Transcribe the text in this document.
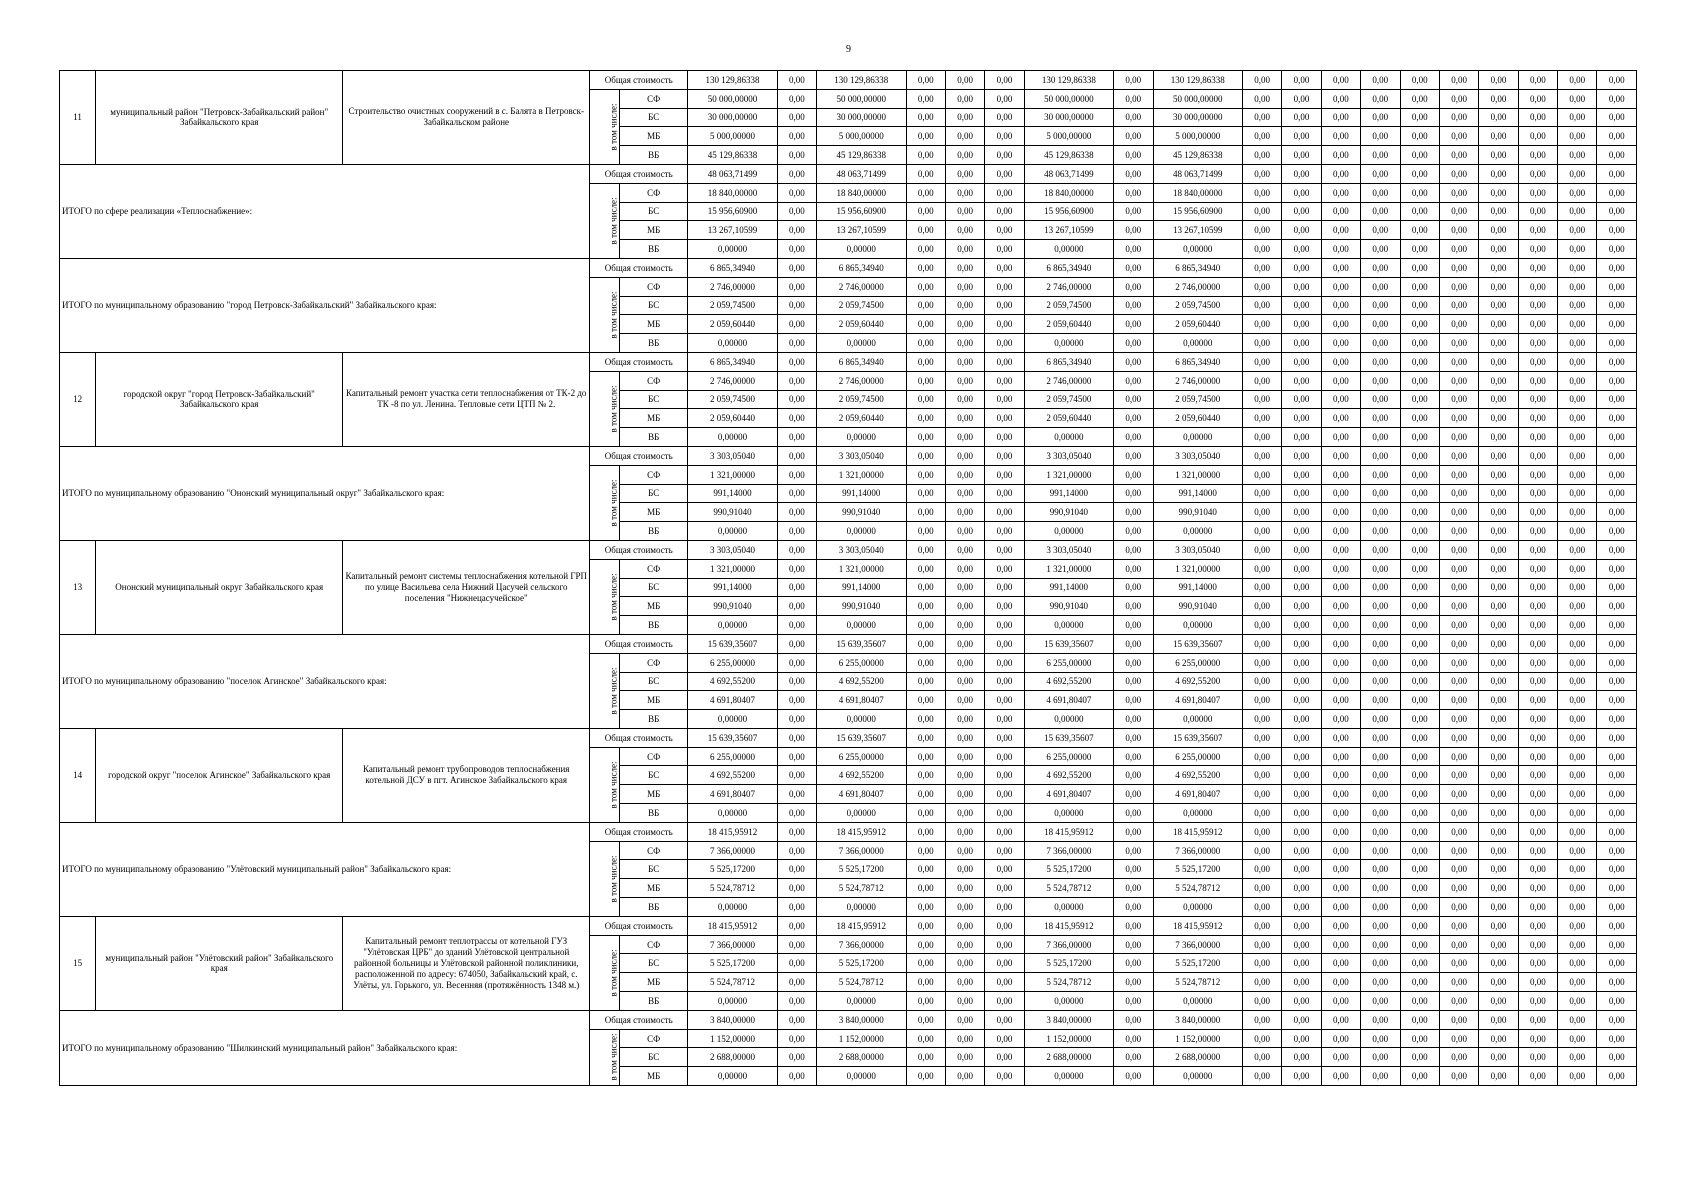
9
11	муниципальный район "Петровск-Забайкальский район" Забайкальского края	Строительство очистных сооружений в с. Балята в Петровск-Забайкальском районе	Общая стоимость		130 129,86338	0,00	130 129,86338	0,00	0,00	0,00	130 129,86338	0,00	130 129,86338	0,00	0,00	0,00	0,00	0,00	0,00	0,00	0,00	0,00	0,00
			в том числе:	СФ	50 000,00000	0,00	50 000,00000	0,00	0,00	0,00	50 000,00000	0,00	50 000,00000	0,00	0,00	0,00	0,00	0,00	0,00	0,00	0,00	0,00	0,00
				БС	30 000,00000	0,00	30 000,00000	0,00	0,00	0,00	30 000,00000	0,00	30 000,00000	0,00	0,00	0,00	0,00	0,00	0,00	0,00	0,00	0,00	0,00
				МБ	5 000,00000	0,00	5 000,00000	0,00	0,00	0,00	5 000,00000	0,00	5 000,00000	0,00	0,00	0,00	0,00	0,00	0,00	0,00	0,00	0,00	0,00
				ВБ	45 129,86338	0,00	45 129,86338	0,00	0,00	0,00	45 129,86338	0,00	45 129,86338	0,00	0,00	0,00	0,00	0,00	0,00	0,00	0,00	0,00	0,00
ИТОГО по сфере реализации «Теплоснабжение»:			Общая стоимость		48 063,71499	0,00	48 063,71499	0,00	0,00	0,00	48 063,71499	0,00	48 063,71499	0,00	0,00	0,00	0,00	0,00	0,00	0,00	0,00	0,00	0,00
			в том числе:	СФ	18 840,00000	0,00	18 840,00000	0,00	0,00	0,00	18 840,00000	0,00	18 840,00000	0,00	0,00	0,00	0,00	0,00	0,00	0,00	0,00	0,00	0,00
				БС	15 956,60900	0,00	15 956,60900	0,00	0,00	0,00	15 956,60900	0,00	15 956,60900	0,00	0,00	0,00	0,00	0,00	0,00	0,00	0,00	0,00	0,00
				МБ	13 267,10599	0,00	13 267,10599	0,00	0,00	0,00	13 267,10599	0,00	13 267,10599	0,00	0,00	0,00	0,00	0,00	0,00	0,00	0,00	0,00	0,00
				ВБ	0,00000	0,00	0,00000	0,00	0,00	0,00	0,00000	0,00	0,00000	0,00	0,00	0,00	0,00	0,00	0,00	0,00	0,00	0,00	0,00
ИТОГО по муниципальному образованию "город Петровск-Забайкальский" Забайкальского края:			Общая стоимость		6 865,34940	0,00	6 865,34940	0,00	0,00	0,00	6 865,34940	0,00	6 865,34940	0,00	0,00	0,00	0,00	0,00	0,00	0,00	0,00	0,00	0,00
			в том числе:	СФ	2 746,00000	0,00	2 746,00000	0,00	0,00	0,00	2 746,00000	0,00	2 746,00000	0,00	0,00	0,00	0,00	0,00	0,00	0,00	0,00	0,00	0,00
				БС	2 059,74500	0,00	2 059,74500	0,00	0,00	0,00	2 059,74500	0,00	2 059,74500	0,00	0,00	0,00	0,00	0,00	0,00	0,00	0,00	0,00	0,00
				МБ	2 059,60440	0,00	2 059,60440	0,00	0,00	0,00	2 059,60440	0,00	2 059,60440	0,00	0,00	0,00	0,00	0,00	0,00	0,00	0,00	0,00	0,00
				ВБ	0,00000	0,00	0,00000	0,00	0,00	0,00	0,00000	0,00	0,00000	0,00	0,00	0,00	0,00	0,00	0,00	0,00	0,00	0,00	0,00
12	городской округ "город Петровск-Забайкальский" Забайкальского края	Капитальный ремонт участка сети теплоснабжения от ТК-2 до ТК -8 по ул. Ленина. Тепловые сети ЦТП № 2.	Общая стоимость		6 865,34940	0,00	6 865,34940	0,00	0,00	0,00	6 865,34940	0,00	6 865,34940	0,00	0,00	0,00	0,00	0,00	0,00	0,00	0,00	0,00	0,00
			в том числе:	СФ	2 746,00000	0,00	2 746,00000	0,00	0,00	0,00	2 746,00000	0,00	2 746,00000	0,00	0,00	0,00	0,00	0,00	0,00	0,00	0,00	0,00	0,00
				БС	2 059,74500	0,00	2 059,74500	0,00	0,00	0,00	2 059,74500	0,00	2 059,74500	0,00	0,00	0,00	0,00	0,00	0,00	0,00	0,00	0,00	0,00
				МБ	2 059,60440	0,00	2 059,60440	0,00	0,00	0,00	2 059,60440	0,00	2 059,60440	0,00	0,00	0,00	0,00	0,00	0,00	0,00	0,00	0,00	0,00
				ВБ	0,00000	0,00	0,00000	0,00	0,00	0,00	0,00000	0,00	0,00000	0,00	0,00	0,00	0,00	0,00	0,00	0,00	0,00	0,00	0,00
ИТОГО по муниципальному образованию "Ононский муниципальный округ" Забайкальского края:			Общая стоимость		3 303,05040	0,00	3 303,05040	0,00	0,00	0,00	3 303,05040	0,00	3 303,05040	0,00	0,00	0,00	0,00	0,00	0,00	0,00	0,00	0,00	0,00
			в том числе:	СФ	1 321,00000	0,00	1 321,00000	0,00	0,00	0,00	1 321,00000	0,00	1 321,00000	0,00	0,00	0,00	0,00	0,00	0,00	0,00	0,00	0,00	0,00
				БС	991,14000	0,00	991,14000	0,00	0,00	0,00	991,14000	0,00	991,14000	0,00	0,00	0,00	0,00	0,00	0,00	0,00	0,00	0,00	0,00
				МБ	990,91040	0,00	990,91040	0,00	0,00	0,00	990,91040	0,00	990,91040	0,00	0,00	0,00	0,00	0,00	0,00	0,00	0,00	0,00	0,00
				ВБ	0,00000	0,00	0,00000	0,00	0,00	0,00	0,00000	0,00	0,00000	0,00	0,00	0,00	0,00	0,00	0,00	0,00	0,00	0,00	0,00
13	Ононский муниципальный округ Забайкальского края	Капитальный ремонт системы теплоснабжения котельной ГРП по улице Васильева села Нижний Цасучей сельского поселения "Нижнецасучейское"	Общая стоимость		3 303,05040	0,00	3 303,05040	0,00	0,00	0,00	3 303,05040	0,00	3 303,05040	0,00	0,00	0,00	0,00	0,00	0,00	0,00	0,00	0,00	0,00
			в том числе:	СФ	1 321,00000	0,00	1 321,00000	0,00	0,00	0,00	1 321,00000	0,00	1 321,00000	0,00	0,00	0,00	0,00	0,00	0,00	0,00	0,00	0,00	0,00
				БС	991,14000	0,00	991,14000	0,00	0,00	0,00	991,14000	0,00	991,14000	0,00	0,00	0,00	0,00	0,00	0,00	0,00	0,00	0,00	0,00
				МБ	990,91040	0,00	990,91040	0,00	0,00	0,00	990,91040	0,00	990,91040	0,00	0,00	0,00	0,00	0,00	0,00	0,00	0,00	0,00	0,00
				ВБ	0,00000	0,00	0,00000	0,00	0,00	0,00	0,00000	0,00	0,00000	0,00	0,00	0,00	0,00	0,00	0,00	0,00	0,00	0,00	0,00
ИТОГО по муниципальному образованию "поселок Агинское" Забайкальского края:			Общая стоимость		15 639,35607	0,00	15 639,35607	0,00	0,00	0,00	15 639,35607	0,00	15 639,35607	0,00	0,00	0,00	0,00	0,00	0,00	0,00	0,00	0,00	0,00
			в том числе:	СФ	6 255,00000	0,00	6 255,00000	0,00	0,00	0,00	6 255,00000	0,00	6 255,00000	0,00	0,00	0,00	0,00	0,00	0,00	0,00	0,00	0,00	0,00
				БС	4 692,55200	0,00	4 692,55200	0,00	0,00	0,00	4 692,55200	0,00	4 692,55200	0,00	0,00	0,00	0,00	0,00	0,00	0,00	0,00	0,00	0,00
				МБ	4 691,80407	0,00	4 691,80407	0,00	0,00	0,00	4 691,80407	0,00	4 691,80407	0,00	0,00	0,00	0,00	0,00	0,00	0,00	0,00	0,00	0,00
				ВБ	0,00000	0,00	0,00000	0,00	0,00	0,00	0,00000	0,00	0,00000	0,00	0,00	0,00	0,00	0,00	0,00	0,00	0,00	0,00	0,00
14	городской округ "поселок Агинское" Забайкальского края	Капитальный ремонт трубопроводов теплоснабжения котельной ДСУ в пгт. Агинское Забайкальского края	Общая стоимость		15 639,35607	0,00	15 639,35607	0,00	0,00	0,00	15 639,35607	0,00	15 639,35607	0,00	0,00	0,00	0,00	0,00	0,00	0,00	0,00	0,00	0,00
			в том числе:	СФ	6 255,00000	0,00	6 255,00000	0,00	0,00	0,00	6 255,00000	0,00	6 255,00000	0,00	0,00	0,00	0,00	0,00	0,00	0,00	0,00	0,00	0,00
				БС	4 692,55200	0,00	4 692,55200	0,00	0,00	0,00	4 692,55200	0,00	4 692,55200	0,00	0,00	0,00	0,00	0,00	0,00	0,00	0,00	0,00	0,00
				МБ	4 691,80407	0,00	4 691,80407	0,00	0,00	0,00	4 691,80407	0,00	4 691,80407	0,00	0,00	0,00	0,00	0,00	0,00	0,00	0,00	0,00	0,00
				ВБ	0,00000	0,00	0,00000	0,00	0,00	0,00	0,00000	0,00	0,00000	0,00	0,00	0,00	0,00	0,00	0,00	0,00	0,00	0,00	0,00
ИТОГО по муниципальному образованию "Улётовский муниципальный район" Забайкальского края:			Общая стоимость		18 415,95912	0,00	18 415,95912	0,00	0,00	0,00	18 415,95912	0,00	18 415,95912	0,00	0,00	0,00	0,00	0,00	0,00	0,00	0,00	0,00	0,00
			в том числе:	СФ	7 366,00000	0,00	7 366,00000	0,00	0,00	0,00	7 366,00000	0,00	7 366,00000	0,00	0,00	0,00	0,00	0,00	0,00	0,00	0,00	0,00	0,00
				БС	5 525,17200	0,00	5 525,17200	0,00	0,00	0,00	5 525,17200	0,00	5 525,17200	0,00	0,00	0,00	0,00	0,00	0,00	0,00	0,00	0,00	0,00
				МБ	5 524,78712	0,00	5 524,78712	0,00	0,00	0,00	5 524,78712	0,00	5 524,78712	0,00	0,00	0,00	0,00	0,00	0,00	0,00	0,00	0,00	0,00
				ВБ	0,00000	0,00	0,00000	0,00	0,00	0,00	0,00000	0,00	0,00000	0,00	0,00	0,00	0,00	0,00	0,00	0,00	0,00	0,00	0,00
15	муниципальный район "Улётовский район" Забайкальского края	Капитальный ремонт теплотрассы от котельной ГУЗ "Улётовская ЦРБ" до зданий Улётовской центральной районной больницы и Улётовской районной поликлиники, расположенной по адресу: 674050, Забайкальский край, с. Улёты, ул. Горького, ул. Весенняя (протяжённость 1348 м.)	Общая стоимость		18 415,95912	0,00	18 415,95912	0,00	0,00	0,00	18 415,95912	0,00	18 415,95912	0,00	0,00	0,00	0,00	0,00	0,00	0,00	0,00	0,00	0,00
			в том числе:	СФ	7 366,00000	0,00	7 366,00000	0,00	0,00	0,00	7 366,00000	0,00	7 366,00000	0,00	0,00	0,00	0,00	0,00	0,00	0,00	0,00	0,00	0,00
				БС	5 525,17200	0,00	5 525,17200	0,00	0,00	0,00	5 525,17200	0,00	5 525,17200	0,00	0,00	0,00	0,00	0,00	0,00	0,00	0,00	0,00	0,00
				МБ	5 524,78712	0,00	5 524,78712	0,00	0,00	0,00	5 524,78712	0,00	5 524,78712	0,00	0,00	0,00	0,00	0,00	0,00	0,00	0,00	0,00	0,00
				ВБ	0,00000	0,00	0,00000	0,00	0,00	0,00	0,00000	0,00	0,00000	0,00	0,00	0,00	0,00	0,00	0,00	0,00	0,00	0,00	0,00
ИТОГО по муниципальному образованию "Шилкинский муниципальный район" Забайкальского края:			Общая стоимость		3 840,00000	0,00	3 840,00000	0,00	0,00	0,00	3 840,00000	0,00	3 840,00000	0,00	0,00	0,00	0,00	0,00	0,00	0,00	0,00	0,00	0,00
			в том числе:	СФ	1 152,00000	0,00	1 152,00000	0,00	0,00	0,00	1 152,00000	0,00	1 152,00000	0,00	0,00	0,00	0,00	0,00	0,00	0,00	0,00	0,00	0,00
				БС	2 688,00000	0,00	2 688,00000	0,00	0,00	0,00	2 688,00000	0,00	2 688,00000	0,00	0,00	0,00	0,00	0,00	0,00	0,00	0,00	0,00	0,00
				МБ	0,00000	0,00	0,00000	0,00	0,00	0,00	0,00000	0,00	0,00000	0,00	0,00	0,00	0,00	0,00	0,00	0,00	0,00	0,00	0,00
